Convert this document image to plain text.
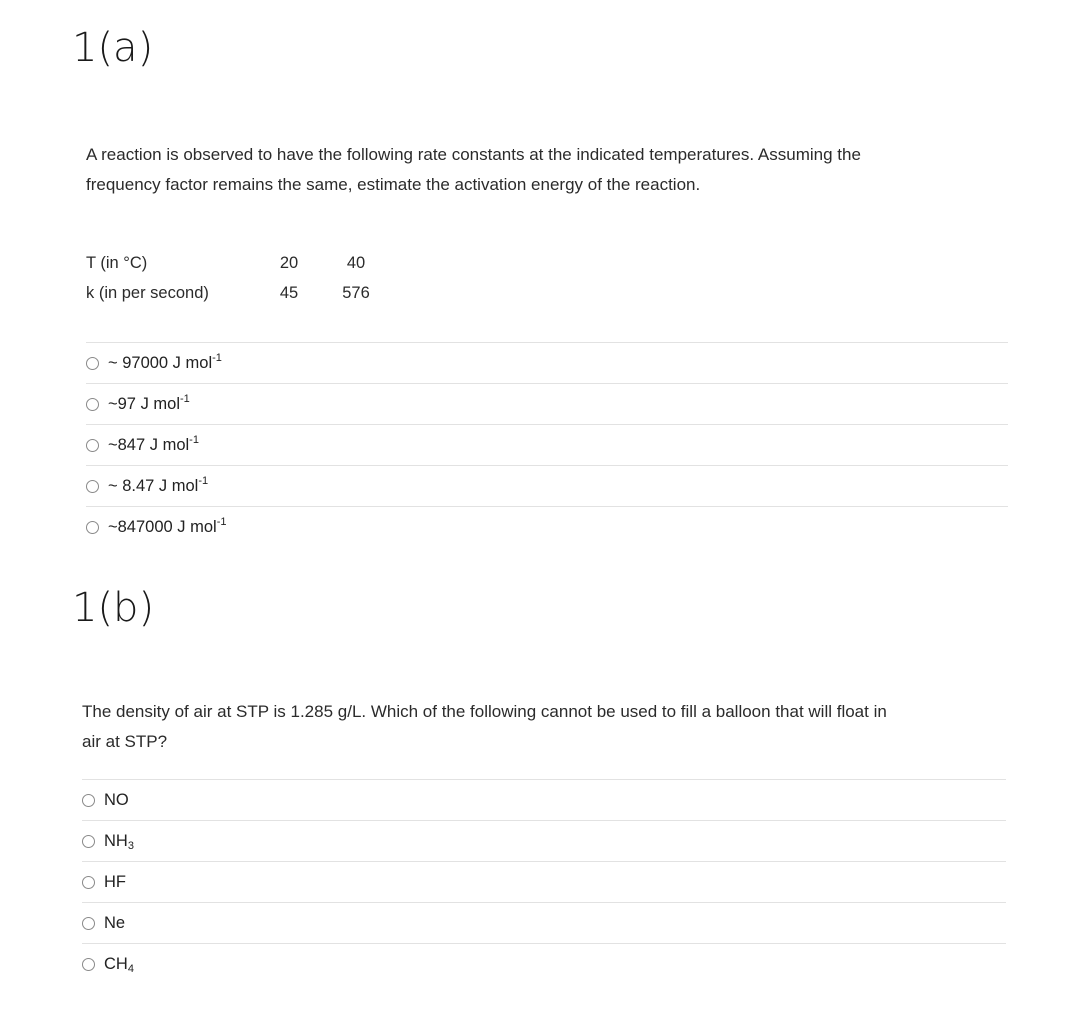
1(a)
A reaction is observed to have the following rate constants at the indicated temperatures. Assuming the
frequency factor remains the same, estimate the activation energy of the reaction.
T (in °C)	20	40
k (in per second)	45	576
~ 97000 J mol$^{-1}$
~97 J mol$^{-1}$
~847 J mol$^{-1}$
~ 8.47 J mol$^{-1}$
~847000 J mol$^{-1}$
1(b)
The density of air at STP is 1.285 g/L. Which of the following cannot be used to fill a balloon that will float in
air at STP?
NO
$NH_3$
HF
Ne
$CH_4$
